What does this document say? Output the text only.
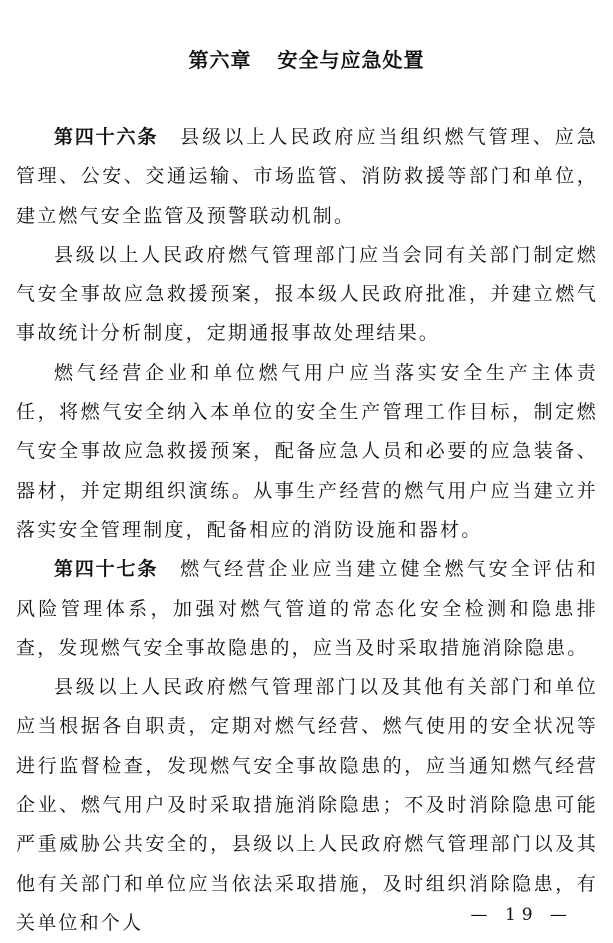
第六章 安全与应急处置

第四十六条 县级以上人民政府应当组织燃气管理、应急管理、公安、交通运输、市场监管、消防救援等部门和单位，建立燃气安全监管及预警联动机制。

县级以上人民政府燃气管理部门应当会同有关部门制定燃气安全事故应急救援预案，报本级人民政府批准，并建立燃气事故统计分析制度，定期通报事故处理结果。

燃气经营企业和单位燃气用户应当落实安全生产主体责任，将燃气安全纳入本单位的安全生产管理工作目标，制定燃气安全事故应急救援预案，配备应急人员和必要的应急装备、器材，并定期组织演练。从事生产经营的燃气用户应当建立并落实安全管理制度，配备相应的消防设施和器材。

第四十七条 燃气经营企业应当建立健全燃气安全评估和风险管理体系，加强对燃气管道的常态化安全检测和隐患排查，发现燃气安全事故隐患的，应当及时采取措施消除隐患。

县级以上人民政府燃气管理部门以及其他有关部门和单位应当根据各自职责，定期对燃气经营、燃气使用的安全状况等进行监督检查，发现燃气安全事故隐患的，应当通知燃气经营企业、燃气用户及时采取措施消除隐患；不及时消除隐患可能严重威胁公共安全的，县级以上人民政府燃气管理部门以及其他有关部门和单位应当依法采取措施，及时组织消除隐患，有关单位和个人	— 19 —
